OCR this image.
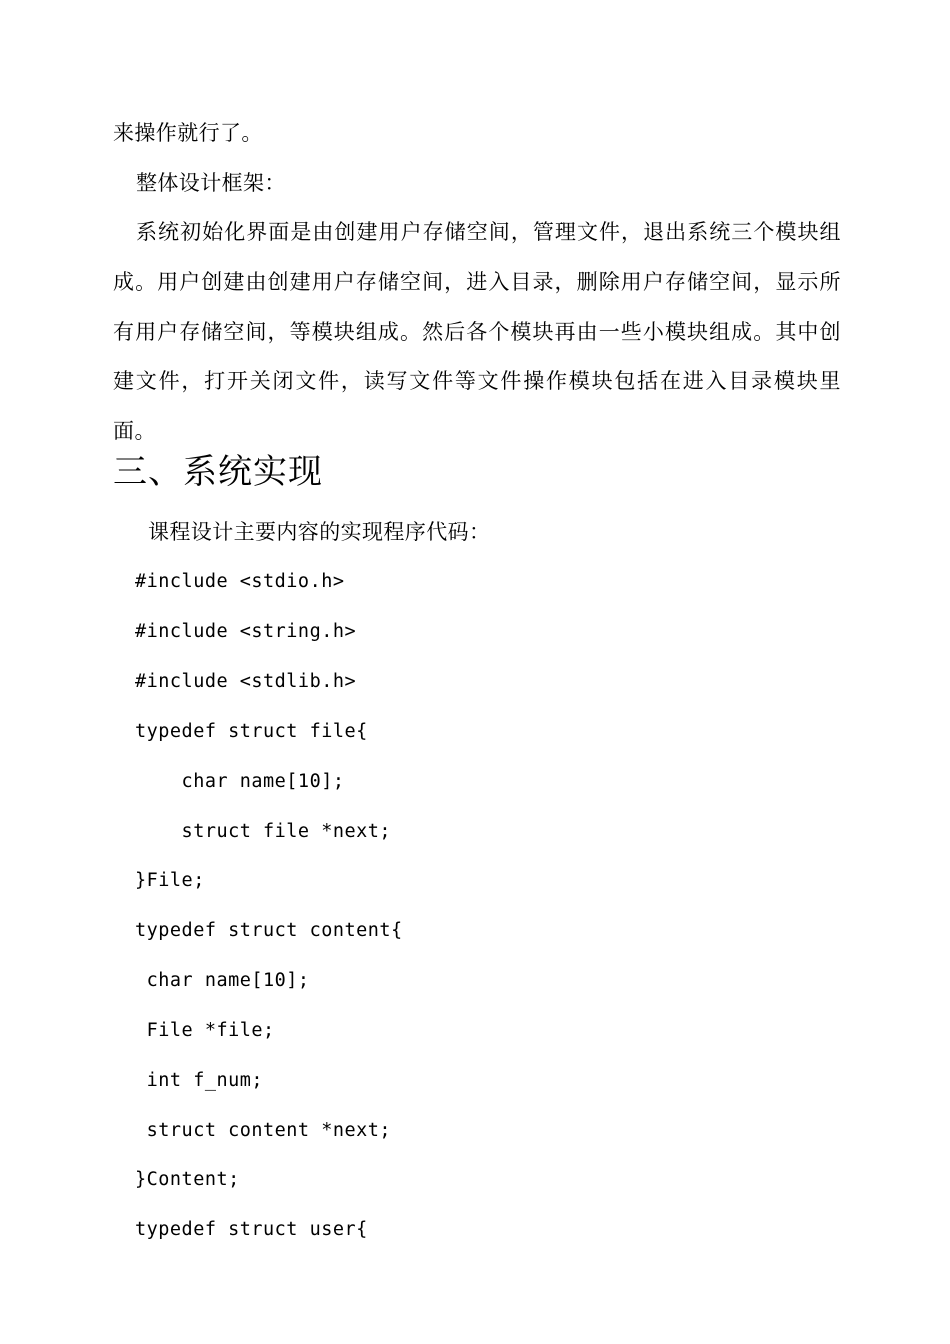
来操作就行了。
整体设计框架：
系统初始化界面是由创建用户存储空间，管理文件，退出系统三个模块组成。用户创建由创建用户存储空间，进入目录，删除用户存储空间，显示所有用户存储空间，等模块组成。然后各个模块再由一些小模块组成。其中创建文件，打开关闭文件，读写文件等文件操作模块包括在进入目录模块里面。
三、系统实现
课程设计主要内容的实现程序代码：
#include <stdio.h>
#include <string.h>
#include <stdlib.h>
typedef struct file{
char name[10];
struct file *next;
}File;
typedef struct content{
char name[10];
File *file;
int f_num;
struct content *next;
}Content;
typedef struct user{
